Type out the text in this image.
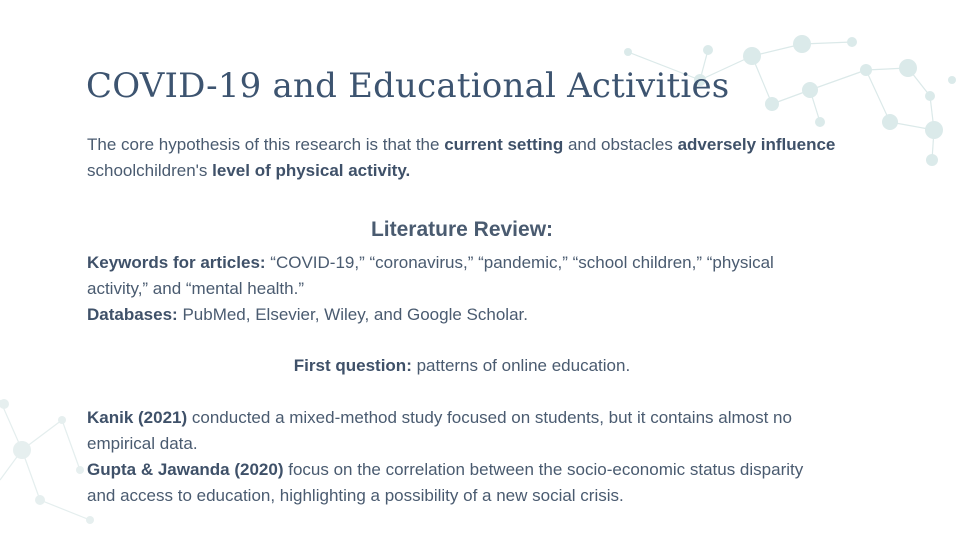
COVID-19 and Educational Activities

The core hypothesis of this research is that the current setting and obstacles adversely influence schoolchildren's level of physical activity.

Literature Review:

Keywords for articles: “COVID-19,” “coronavirus,” “pandemic,” “school children,” “physical activity,” and “mental health.”

Databases: PubMed, Elsevier, Wiley, and Google Scholar.

First question: patterns of online education.

Kanik (2021) conducted a mixed-method study focused on students, but it contains almost no empirical data.

Gupta & Jawanda (2020) focus on the correlation between the socio-economic status disparity and access to education, highlighting a possibility of a new social crisis.
